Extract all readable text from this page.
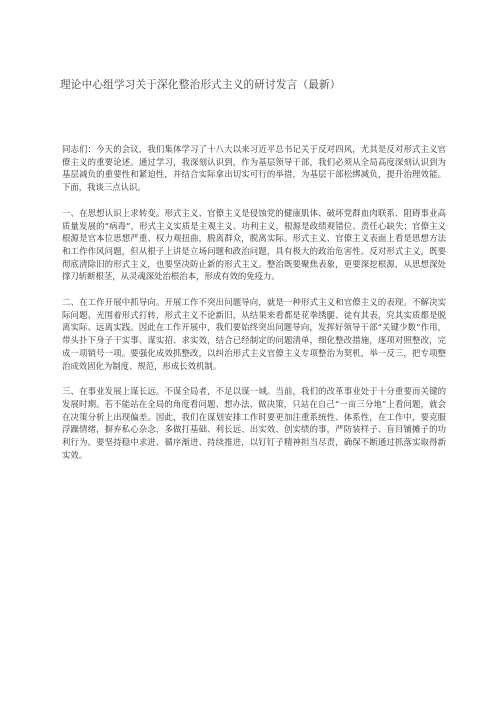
理论中心组学习关于深化整治形式主义的研讨发言（最新）

同志们：今天的会议，我们集体学习了十八大以来习近平总书记关于反对四风，尤其是反对形式主义官僚主义的重要论述。通过学习，我深刻认识到，作为基层领导干部，我们必须从全局高度深刻认识到为基层减负的重要性和紧迫性，并结合实际拿出切实可行的举措，为基层干部松绑减负，提升治理效能。下面，我谈三点认识。

一、在思想认识上求转变。形式主义、官僚主义是侵蚀党的健康肌体、破坏党群血肉联系、阻碍事业高质量发展的“病毒”，形式主义实质是主观主义、功利主义，根源是政绩观错位、责任心缺失；官僚主义根源是官本位思想严重、权力观扭曲，脱离群众，脱离实际。形式主义、官僚主义表面上看是思想方法和工作作风问题，但从根子上讲是立场问题和政治问题，具有极大的政治危害性。反对形式主义，既要彻底清除旧的形式主义，也要坚决防止新的形式主义。整治既要聚焦表象，更要深挖根源，从思想深处撑刀斩断根茎，从灵魂深处治根治本，形成有效的免疫力。

二、在工作开展中抓导向。开展工作不突出问题导向，就是一种形式主义和官僚主义的表现。不解决实际问题、光围着形式打转，形式主义不论新旧，从结果来看都是花拳绣腿、徒有其表，究其实质都是脱离实际、远离实践。因此在工作开展中，我们要始终突出问题导向，发挥好领导干部“关键少数”作用，带头扑下身子干实事、谋实招、求实效，结合已经制定的问题清单，细化整改措施，逐项对照整改，完成一项销号一项。要强化成效抓整改，以纠治形式主义官僚主义专项整治为契机，举一反三，把专项整治成效固化为制度、规范，形成长效机制。

三、在事业发展上谋长远。不谋全局者，不足以谋一域。当前，我们的改革事业处于十分重要而关键的发展时期。若不能站在全局的角度看问题、想办法、做决策，只站在自己“一亩三分地”上看问题，就会在决策分析上出现偏差。因此，我们在谋划安排工作时要更加注重系统性、体系性，在工作中，要克服浮躁情绪，摒弃私心杂念，多做打基础、利长远、出实效、创实绩的事，严防装样子、盲目铺摊子的功利行为。要坚持稳中求进、循序渐进、持续推进，以钉钉子精神担当尽责，确保不断通过抓落实取得新实效。
